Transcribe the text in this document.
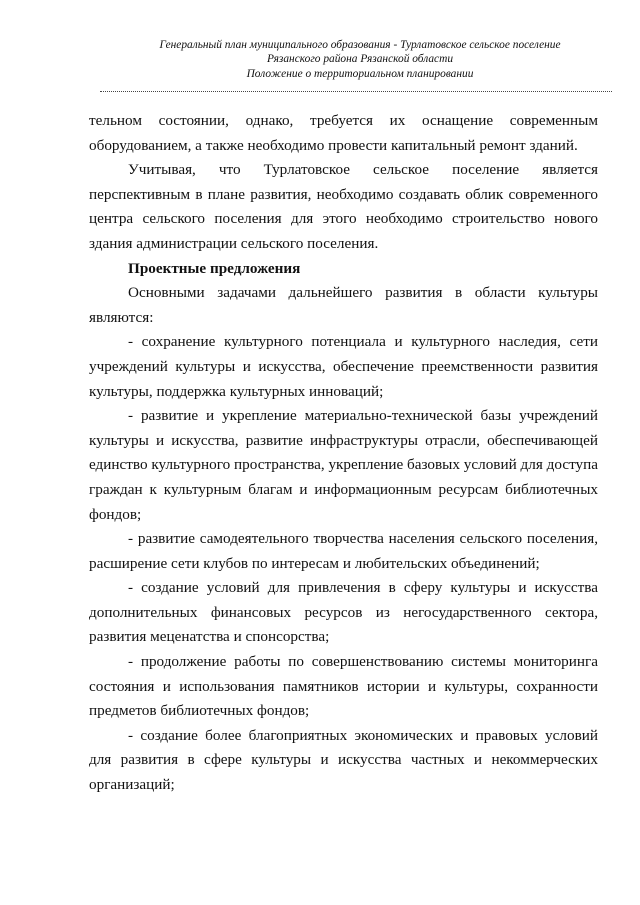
Генеральный план муниципального образования - Турлатовское сельское поселение
Рязанского района Рязанской области
Положение о территориальном планировании

тельном состоянии, однако, требуется их оснащение современным оборудованием, а также необходимо провести капитальный ремонт зданий.

Учитывая, что Турлатовское сельское поселение является перспективным в плане развития, необходимо создавать облик современного центра сельского поселения для этого необходимо строительство нового здания администрации сельского поселения.

Проектные предложения

Основными задачами дальнейшего развития в области культуры являются:

- сохранение культурного потенциала и культурного наследия, сети учреждений культуры и искусства, обеспечение преемственности развития культуры, поддержка культурных инноваций;

- развитие и укрепление материально-технической базы учреждений культуры и искусства, развитие инфраструктуры отрасли, обеспечивающей единство культурного пространства, укрепление базовых условий для доступа граждан к культурным благам и информационным ресурсам библиотечных фондов;

- развитие самодеятельного творчества населения сельского поселения, расширение сети клубов по интересам и любительских объединений;

- создание условий для привлечения в сферу культуры и искусства дополнительных финансовых ресурсов из негосударственного сектора, развития меценатства и спонсорства;

- продолжение работы по совершенствованию системы мониторинга состояния и использования памятников истории и культуры, сохранности предметов библиотечных фондов;

- создание более благоприятных экономических и правовых условий для развития в сфере культуры и искусства частных и некоммерческих организаций;
